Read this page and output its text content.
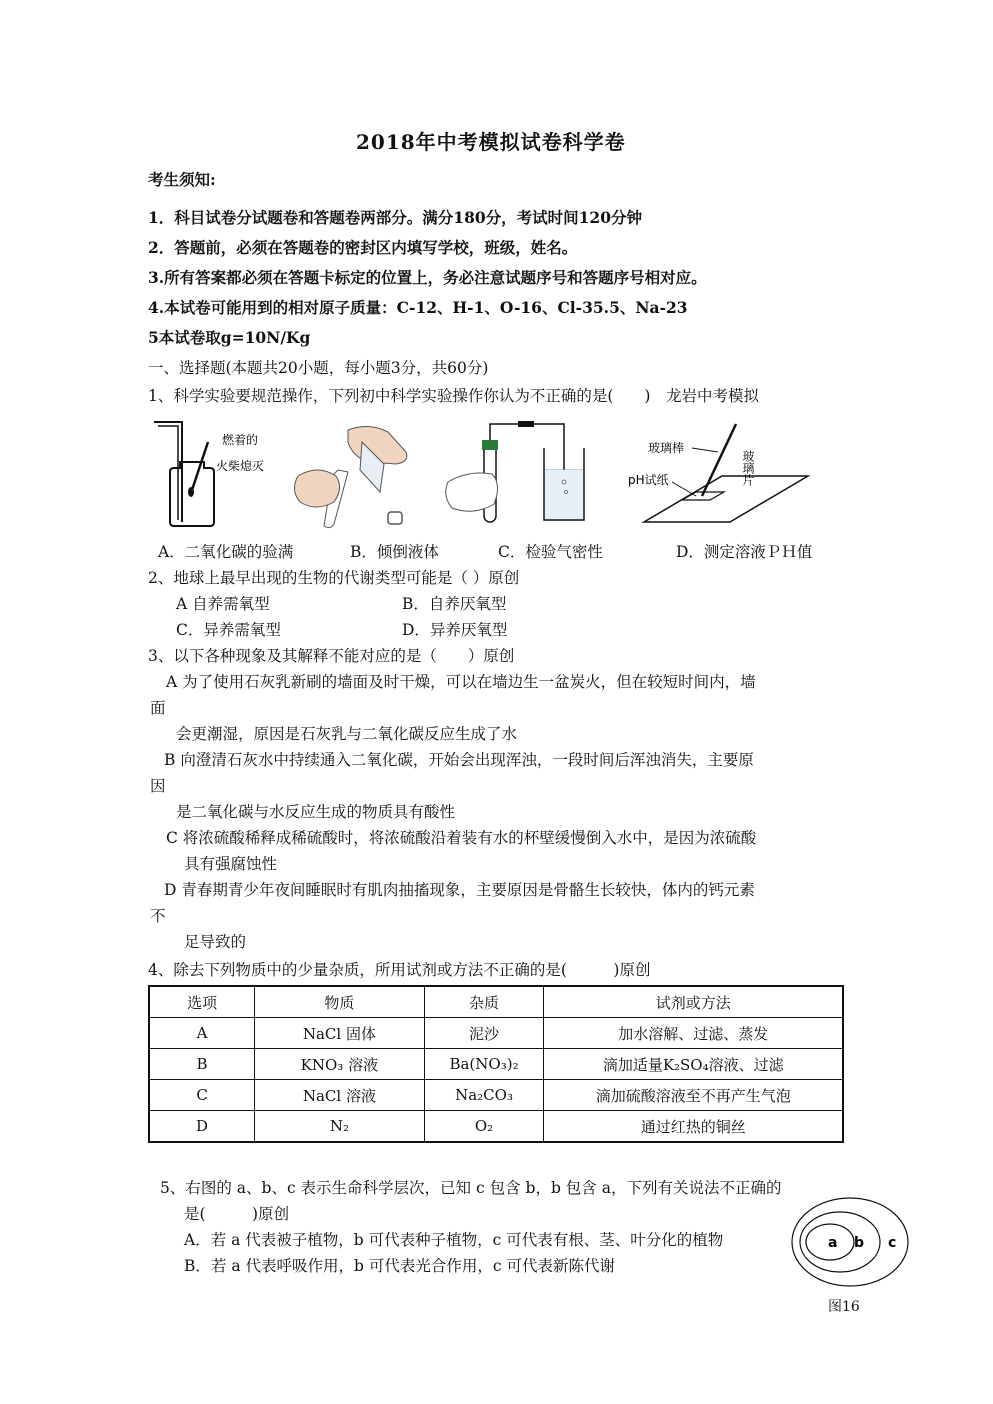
2018年中考模拟试卷科学卷
考生须知:
1．科目试卷分试题卷和答题卷两部分。满分180分，考试时间120分钟
2．答题前，必须在答题卷的密封区内填写学校，班级，姓名。
3.所有答案都必须在答题卡标定的位置上，务必注意试题序号和答题序号相对应。
4.本试卷可能用到的相对原子质量：C-12、H-1、O-16、Cl-35.5、Na-23
5本试卷取g=10N/Kg
一、选择题(本题共20小题，每小题3分，共60分)
1、科学实验要规范操作，下列初中科学实验操作你认为不正确的是(　　)　龙岩中考模拟
燃着的
火柴熄灭
玻璃棒
玻璃片
pH试纸
A．二氧化碳的验满	B．倾倒液体	C．检验气密性	D．测定溶液ＰＨ值
2、地球上最早出现的生物的代谢类型可能是（ ）原创
A 自养需氧型	B．自养厌氧型
C．异养需氧型	D．异养厌氧型
3、以下各种现象及其解释不能对应的是（　　）原创
A 为了使用石灰乳新刷的墙面及时干燥，可以在墙边生一盆炭火，但在较短时间内，墙
面
会更潮湿，原因是石灰乳与二氧化碳反应生成了水
B 向澄清石灰水中持续通入二氧化碳，开始会出现浑浊，一段时间后浑浊消失，主要原
因
是二氧化碳与水反应生成的物质具有酸性
C 将浓硫酸稀释成稀硫酸时，将浓硫酸沿着装有水的杯壁缓慢倒入水中，是因为浓硫酸
具有强腐蚀性
D 青春期青少年夜间睡眠时有肌肉抽搐现象，主要原因是骨骼生长较快，体内的钙元素
不
足导致的
4、除去下列物质中的少量杂质，所用试剂或方法不正确的是(　　　)原创
选项	物质	杂质	试剂或方法
A	NaCl 固体	泥沙	加水溶解、过滤、蒸发
B	KNO₃ 溶液	Ba(NO₃)₂	滴加适量K₂SO₄溶液、过滤
C	NaCl 溶液	Na₂CO₃	滴加硫酸溶液至不再产生气泡
D	N₂	O₂	通过红热的铜丝
5、右图的 a、b、c 表示生命科学层次，已知 c 包含 b，b 包含 a，下列有关说法不正确的
是(　　　)原创
A．若 a 代表被子植物，b 可代表种子植物，c 可代表有根、茎、叶分化的植物
B．若 a 代表呼吸作用，b 可代表光合作用，c 可代表新陈代谢
a b c
图16
